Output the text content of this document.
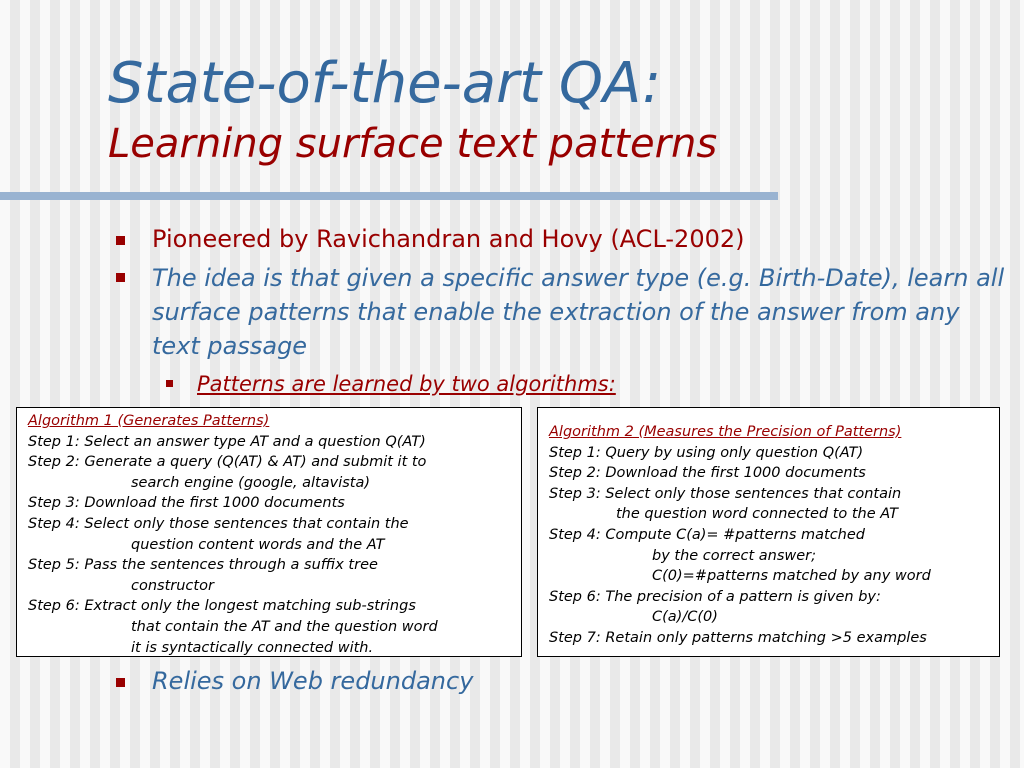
State-of-the-art QA:
Learning surface text patterns
Pioneered by Ravichandran and Hovy (ACL-2002)
The idea is that given a specific answer type (e.g. Birth-Date), learn all surface patterns that enable the extraction of the answer from any text passage
Patterns are learned by two algorithms:
Algorithm 1 (Generates Patterns)
Step 1: Select an answer type AT and a question Q(AT)
Step 2: Generate a query (Q(AT) & AT) and submit it to
search engine (google, altavista)
Step 3: Download the first 1000 documents
Step 4: Select only those sentences that contain the
question content words and the AT
Step 5: Pass the sentences through a suffix tree
constructor
Step 6: Extract only the longest matching sub-strings
that contain the AT and the question word
it is syntactically connected with.
Algorithm 2 (Measures the Precision of Patterns)
Step 1: Query by using only question Q(AT)
Step 2: Download the first 1000 documents
Step 3: Select only those sentences that contain
the question word connected to the AT
Step 4: Compute C(a)= #patterns matched
by the correct answer;
C(0)=#patterns matched by any word
Step 6: The precision of a pattern is given by:
C(a)/C(0)
Step 7: Retain only patterns matching >5 examples
Relies on Web redundancy
